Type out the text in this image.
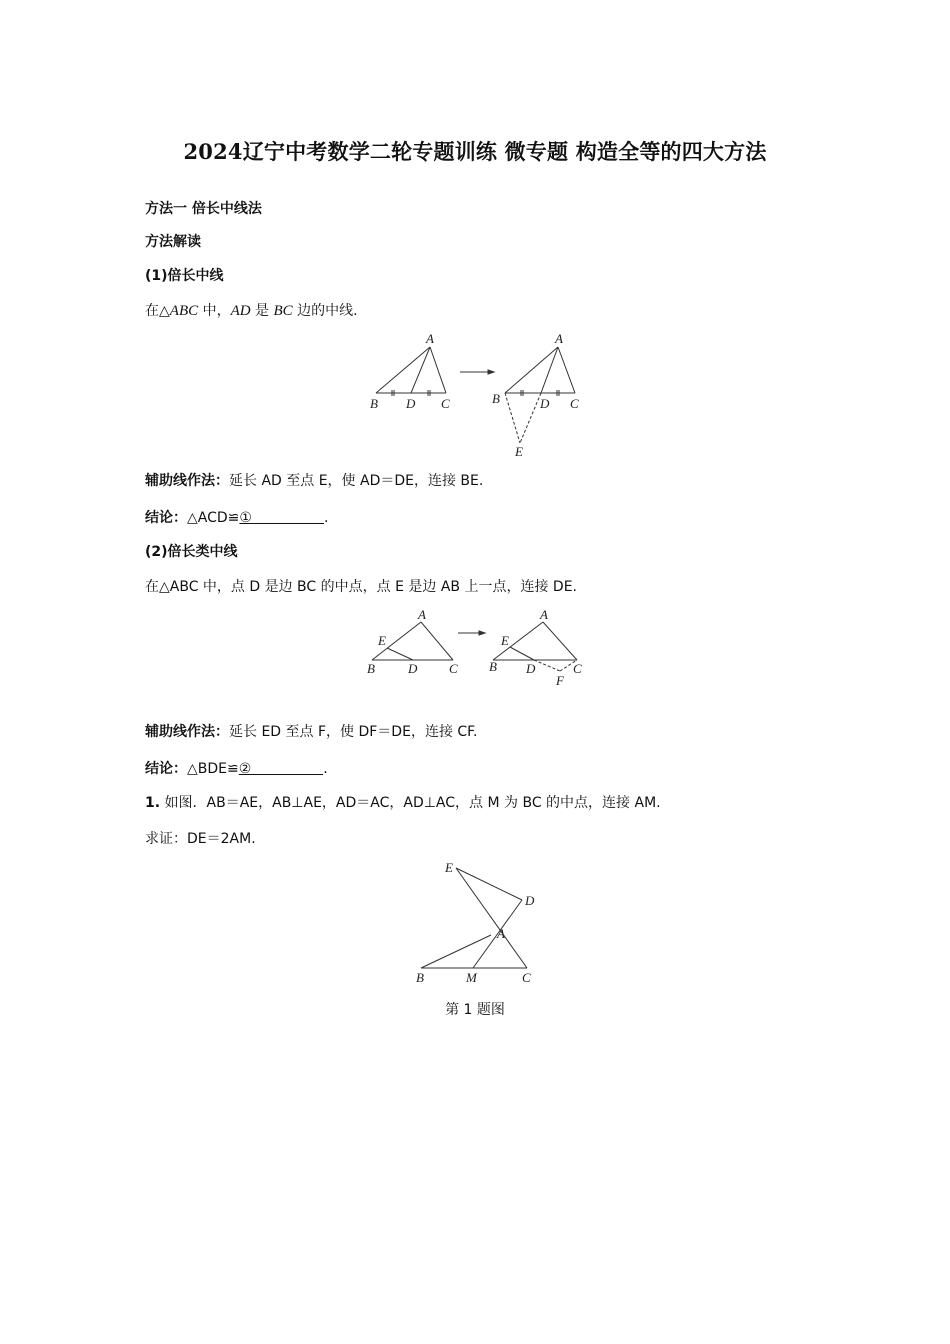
2024辽宁中考数学二轮专题训练 微专题 构造全等的四大方法
方法一 倍长中线法
方法解读
(1)倍长中线
在△ABC 中，AD 是 BC 边的中线.
辅助线作法：延长 AD 至点 E，使 AD＝DE，连接 BE.
结论：△ACD≌①	.
(2)倍长类中线
在△ABC 中，点 D 是边 BC 的中点，点 E 是边 AB 上一点，连接 DE.
辅助线作法：延长 ED 至点 F，使 DF＝DE，连接 CF.
结论：△BDE≌②	.
1. 如图．AB＝AE，AB⊥AE，AD＝AC，AD⊥AC，点 M 为 BC 的中点，连接 AM.
求证：DE＝2AM.
A
B D C
A
B	D C
E
A
E
B	D C
A
E
B D	C
F
E
D
A
B	M	C
第 1 题图
